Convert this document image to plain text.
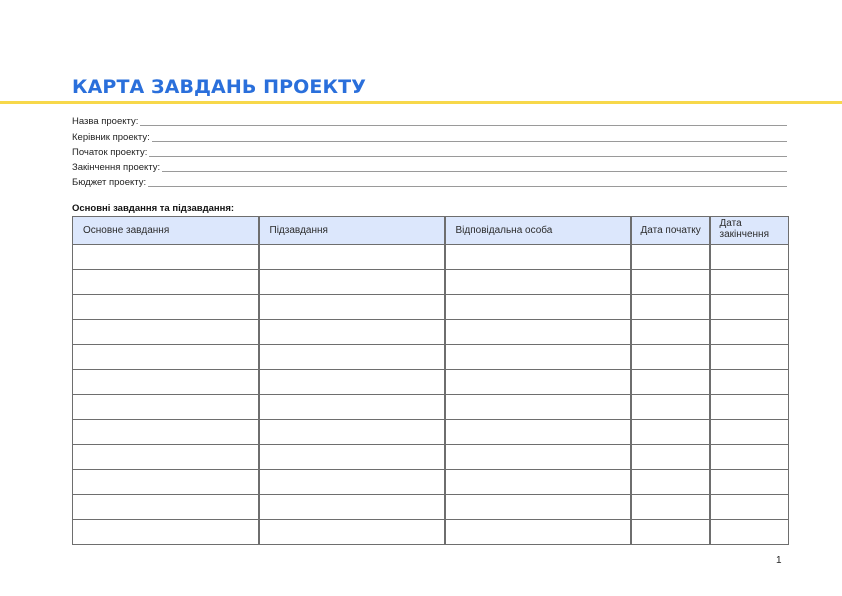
КАРТА ЗАВДАНЬ ПРОЕКТУ
Назва проекту:
Керівник проекту:
Початок проекту:
Закінчення проекту:
Бюджет проекту:
Основні завдання та підзавдання:
Основне завдання	Підзавдання	Відповідальна особа	Дата початку	Дата закінчення

1
